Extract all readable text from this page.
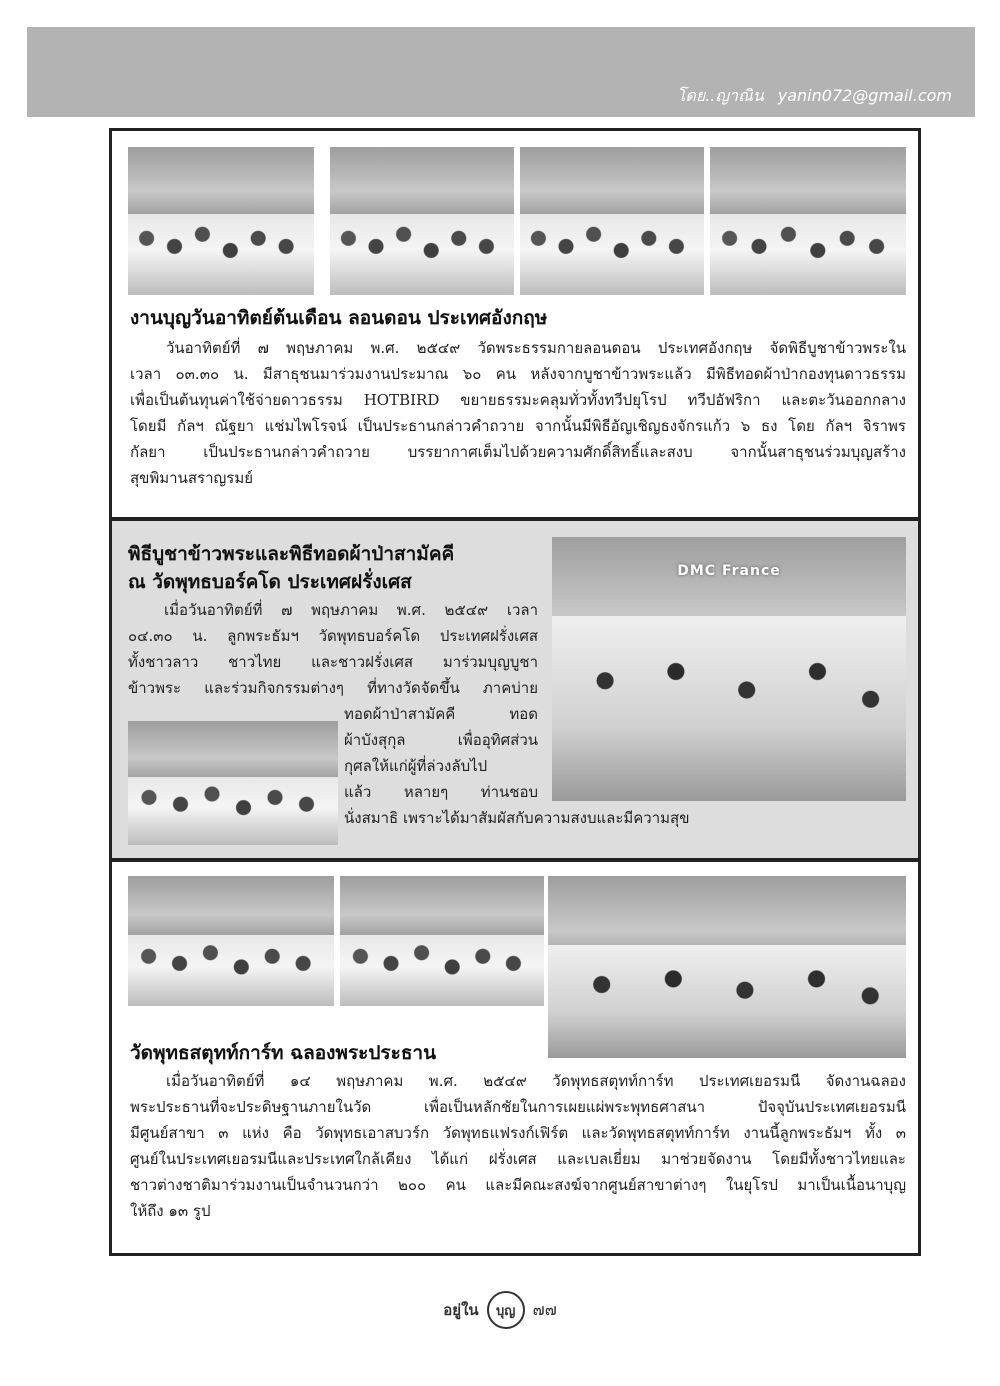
โดย..ญาณิน yanin072@gmail.com
งานบุญวันอาทิตย์ต้นเดือน ลอนดอน ประเทศอังกฤษ
วันอาทิตย์ที่ ๗ พฤษภาคม พ.ศ. ๒๕๔๙ วัดพระธรรมกายลอนดอน ประเทศอังกฤษ จัดพิธีบูชาข้าวพระใน
เวลา ๐๓.๓๐ น. มีสาธุชนมาร่วมงานประมาณ ๖๐ คน หลังจากบูชาข้าวพระแล้ว มีพิธีทอดผ้าป่ากองทุนดาวธรรม
เพื่อเป็นต้นทุนค่าใช้จ่ายดาวธรรม HOTBIRD ขยายธรรมะคลุมทั่วทั้งทวีปยุโรป ทวีปอัฟริกา และตะวันออกกลาง
โดยมี กัลฯ ณัฐยา แช่มไพโรจน์ เป็นประธานกล่าวคำถวาย จากนั้นมีพิธีอัญเชิญธงจักรแก้ว ๖ ธง โดย กัลฯ จิราพร
กัลยา เป็นประธานกล่าวคำถวาย บรรยากาศเต็มไปด้วยความศักดิ์สิทธิ์และสงบ จากนั้นสาธุชนร่วมบุญสร้าง
สุขพิมานสราญรมย์
พิธีบูชาข้าวพระและพิธีทอดผ้าป่าสามัคคี
ณ วัดพุทธบอร์คโด ประเทศฝรั่งเศส	DMC France
เมื่อวันอาทิตย์ที่ ๗ พฤษภาคม พ.ศ. ๒๕๔๙ เวลา
๐๔.๓๐ น. ลูกพระธัมฯ วัดพุทธบอร์คโด ประเทศฝรั่งเศส
ทั้งชาวลาว ชาวไทย และชาวฝรั่งเศส มาร่วมบุญบูชา
ข้าวพระ และร่วมกิจกรรมต่างๆ ที่ทางวัดจัดขึ้น ภาคบ่าย
ทอดผ้าป่าสามัคคี ทอด
ผ้าบังสุกุล เพื่ออุทิศส่วน
กุศลให้แก่ผู้ที่ล่วงลับไป
แล้ว หลายๆ ท่านชอบ
นั่งสมาธิ เพราะได้มาสัมผัสกับความสงบและมีความสุข
วัดพุทธสตุทท์การ์ท ฉลองพระประธาน
เมื่อวันอาทิตย์ที่ ๑๔ พฤษภาคม พ.ศ. ๒๕๔๙ วัดพุทธสตุทท์การ์ท ประเทศเยอรมนี จัดงานฉลอง
พระประธานที่จะประดิษฐานภายในวัด เพื่อเป็นหลักชัยในการเผยแผ่พระพุทธศาสนา ปัจจุบันประเทศเยอรมนี
มีศูนย์สาขา ๓ แห่ง คือ วัดพุทธเอาสบวร์ก วัดพุทธแฟรงก์เฟิร์ต และวัดพุทธสตุทท์การ์ท งานนี้ลูกพระธัมฯ ทั้ง ๓
ศูนย์ในประเทศเยอรมนีและประเทศใกล้เคียง ได้แก่ ฝรั่งเศส และเบลเยี่ยม มาช่วยจัดงาน โดยมีทั้งชาวไทยและ
ชาวต่างชาติมาร่วมงานเป็นจำนวนกว่า ๒๐๐ คน และมีคณะสงฆ์จากศูนย์สาขาต่างๆ ในยุโรป มาเป็นเนื้อนาบุญ
ให้ถึง ๑๓ รูป
อยู่ใน บุญ ๗๗
